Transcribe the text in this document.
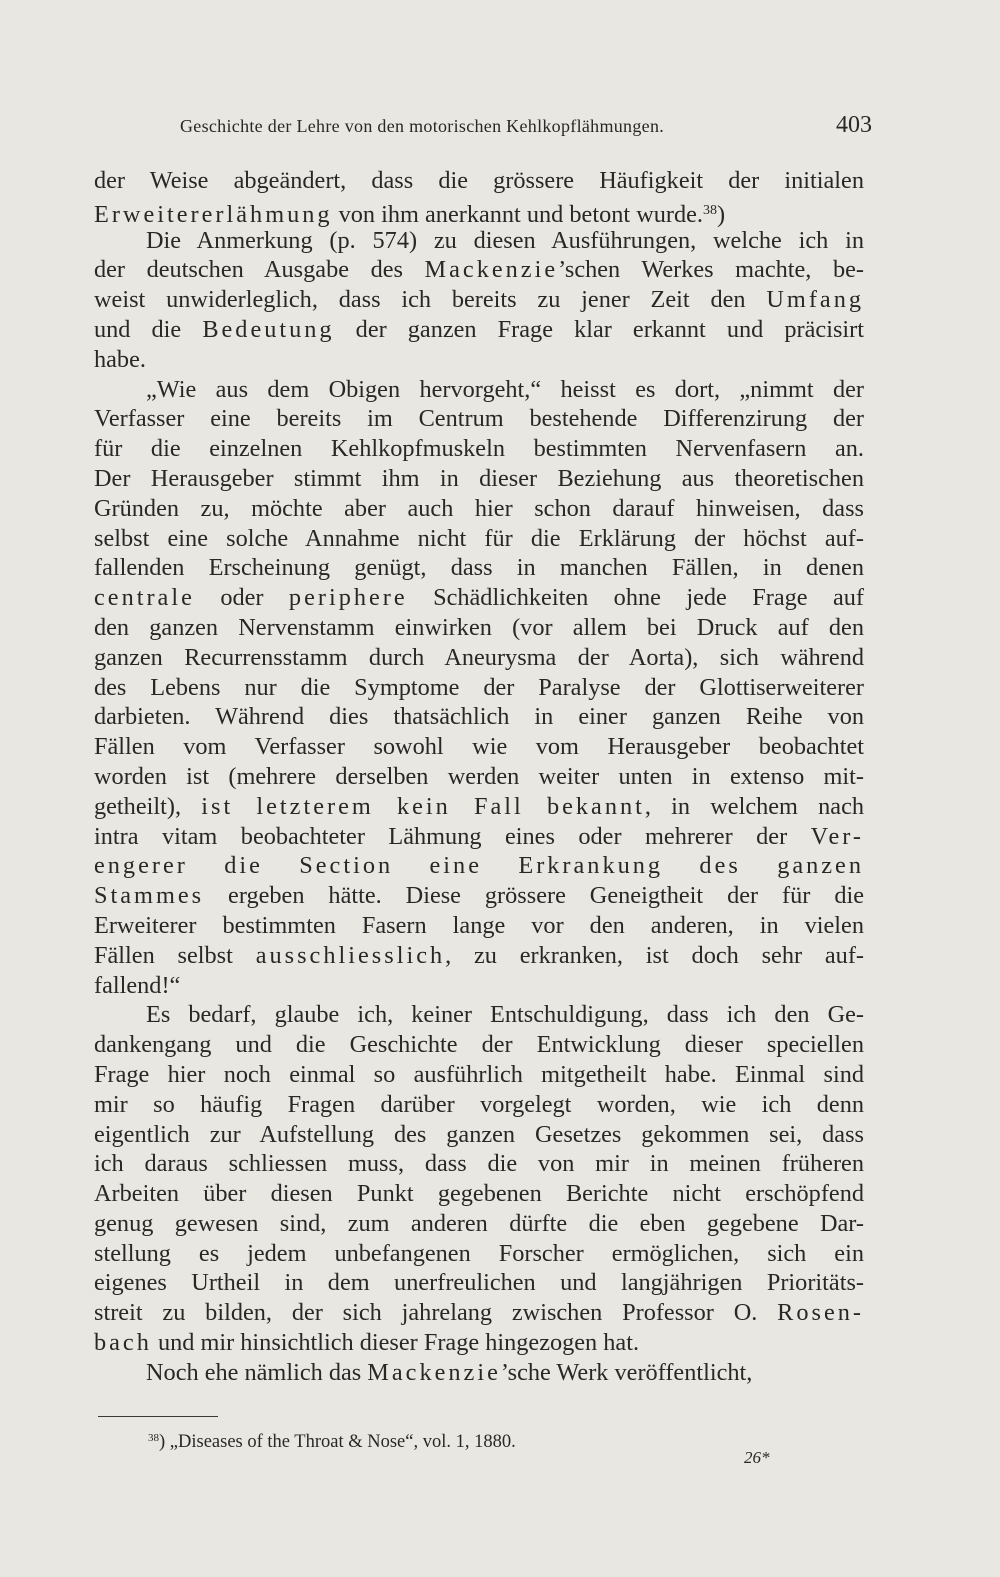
Geschichte der Lehre von den motorischen Kehlkopflähmungen.	403
der Weise abgeändert, dass die grössere Häufigkeit der initialen
Erweitererlähmung von ihm anerkannt und betont wurde.$^{38}$)
Die Anmerkung (p. 574) zu diesen Ausführungen, welche ich in
der deutschen Ausgabe des Mackenzie’schen Werkes machte, be-
weist unwiderleglich, dass ich bereits zu jener Zeit den Umfang
und die Bedeutung der ganzen Frage klar erkannt und präcisirt
habe.
„Wie aus dem Obigen hervorgeht,“ heisst es dort, „nimmt der
Verfasser eine bereits im Centrum bestehende Differenzirung der
für die einzelnen Kehlkopfmuskeln bestimmten Nervenfasern an.
Der Herausgeber stimmt ihm in dieser Beziehung aus theoretischen
Gründen zu, möchte aber auch hier schon darauf hinweisen, dass
selbst eine solche Annahme nicht für die Erklärung der höchst auf-
fallenden Erscheinung genügt, dass in manchen Fällen, in denen
centrale oder periphere Schädlichkeiten ohne jede Frage auf
den ganzen Nervenstamm einwirken (vor allem bei Druck auf den
ganzen Recurrensstamm durch Aneurysma der Aorta), sich während
des Lebens nur die Symptome der Paralyse der Glottiserweiterer
darbieten. Während dies thatsächlich in einer ganzen Reihe von
Fällen vom Verfasser sowohl wie vom Herausgeber beobachtet
worden ist (mehrere derselben werden weiter unten in extenso mit-
getheilt), ist letzterem kein Fall bekannt, in welchem nach
intra vitam beobachteter Lähmung eines oder mehrerer der Ver-
engerer die Section eine Erkrankung des ganzen
Stammes ergeben hätte. Diese grössere Geneigtheit der für die
Erweiterer bestimmten Fasern lange vor den anderen, in vielen
Fällen selbst ausschliesslich, zu erkranken, ist doch sehr auf-
fallend!“
Es bedarf, glaube ich, keiner Entschuldigung, dass ich den Ge-
dankengang und die Geschichte der Entwicklung dieser speciellen
Frage hier noch einmal so ausführlich mitgetheilt habe. Einmal sind
mir so häufig Fragen darüber vorgelegt worden, wie ich denn
eigentlich zur Aufstellung des ganzen Gesetzes gekommen sei, dass
ich daraus schliessen muss, dass die von mir in meinen früheren
Arbeiten über diesen Punkt gegebenen Berichte nicht erschöpfend
genug gewesen sind, zum anderen dürfte die eben gegebene Dar-
stellung es jedem unbefangenen Forscher ermöglichen, sich ein
eigenes Urtheil in dem unerfreulichen und langjährigen Prioritäts-
streit zu bilden, der sich jahrelang zwischen Professor O. Rosen-
bach und mir hinsichtlich dieser Frage hingezogen hat.
Noch ehe nämlich das Mackenzie’sche Werk veröffentlicht,
$^{38}$) „Diseases of the Throat & Nose“, vol. 1, 1880.
26*
